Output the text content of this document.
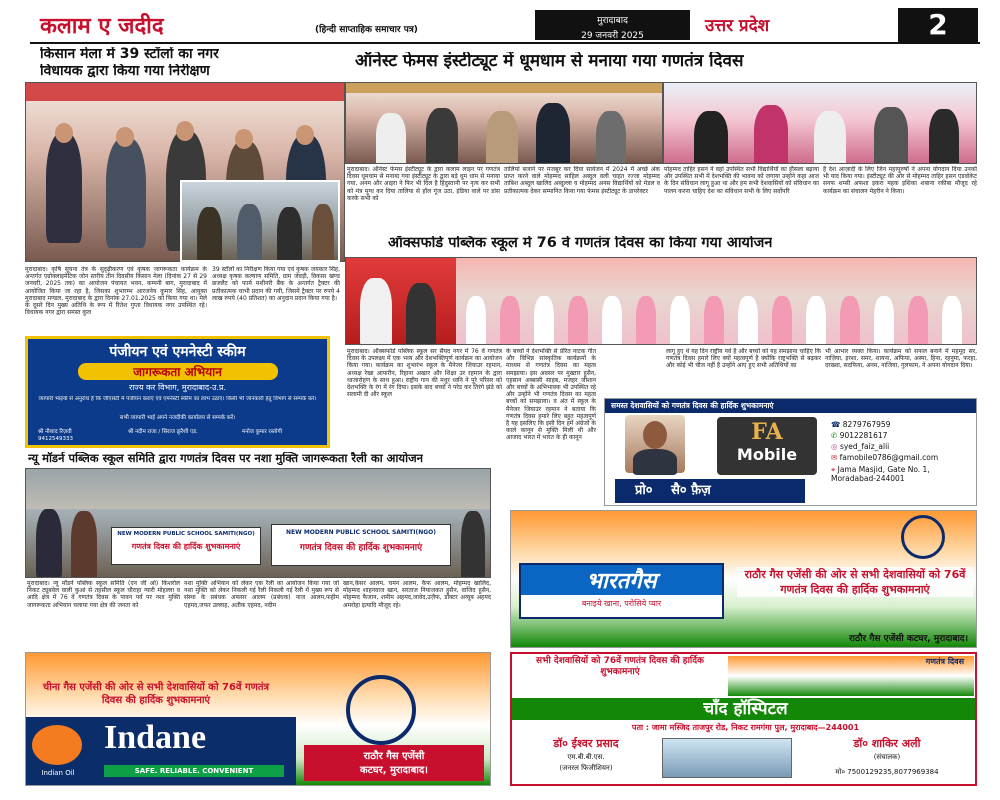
कलाम ए जदीद	(हिन्दी साप्ताहिक समाचार पत्र)
मुरादाबाद
29 जनवरी 2025	उत्तर प्रदेश	2
किसान मेला में 39 स्टॉलों का नगर
विधायक द्वारा किया गया निरीक्षण
मुरादाबाद। कृषि सूचना तंत्र के सुदृढ़ीकरण एवं कृषक जागरूकता कार्यक्रम के अन्तर्गत एग्रोक्लाइमेटिक जोन स्तरीय तीन दिवसीय किसान मेला (दिनांक 27 से 29 जनवरी, 2025 तक) का आयोजन पंचायत भवन, कम्पनी बाग, मुरादाबाद में आयोजित किया जा रहा है, जिसका शुभारम्भ आरजनेय कुमार सिंह, आयुक्त मुरादाबाद मण्डल, मुरादाबाद के द्वारा दिनांक 27.01.2025 को किया गया था। मेले के दूसरे दिन मुख्य अतिथि के रूप में रितेश गुप्ता विधायक नगर उपस्थित रहे। विधायक नगर द्वारा समस्त कुल
39 स्टॉलों का निरीक्षण किया गया एवं कृषक जयकार सिंह, अध्यक्ष कृषक कल्याण समिति, ग्राम जेवड़ी, विकास खण्ड छजलैट को फार्म मशीनरी बैंक के अन्तर्गत ट्रैक्टर की प्रतीकात्मक चाभी प्रदान की गयी, जिसमें ट्रैक्टर पर रुपये 4 लाख रुपये (40 प्रतिशत) का अनुदान प्रदान किया गया है।
पंजीयन एवं एमनेस्टी स्कीम
जागरूकता अभियान
राज्य कर विभाग, मुरादाबाद-उ.प्र.
व्यापारी भाइयों से अनुरोध है कि जीएसटी में पंजीयन कराएं एवं एमनेस्टी स्कीम का लाभ उठाएं। किसी भी जानकारी हेतु विभाग से सम्पर्क करें।
सभी व्यापारी भाई अपने नजदीकी कार्यालय से सम्पर्क करें।
श्री नौशाद रिज़वी	श्री नदीम राजा / सिराज क़ुरैशी एड.	मनोज कुमार रस्तोगी
9412549333
ऑनेस्ट फेमस इंस्टीट्यूट में धूमधाम से मनाया गया गणतंत्र दिवस
मुरादाबाद। ऑनेस्ट फेमस इंस्टीट्यूट के द्वारा कलाम लाइन पर गणतंत्र दिवस धूमधाम से मनाया गया इंस्टीट्यूट के द्वारा बड़े धूम धाम से मनाया गया, अनम और आइरा ने फिर भी दिल है हिंदुस्तानी पर नृत्य कर सभी को मंत्र मुग्ध कर दिया तालिया से हॉल गूंज उठा, इंडिया वाले पर डांस करके सभी को
तालियां बजाने पर मजबूर कर दिया सार्वजन में 2024 में अच्छे अंक प्राप्त करने वाले मोहम्मद साहिल अब्दुल वली चाहत रज्जा मोहम्मद ताबिश अब्दुल खालिद अब्दुल्ला व मोहम्मद अनस विद्यार्थियों को मेडल व प्रतीकात्मक देकर सम्मानित किया गया फेमस इंस्टीट्यूट के डायरेक्टर
मोहम्मद ताहिर हसन ने वहां उपस्थित सभी विद्यार्थियों का हौसला बढ़ाया और उपस्थित सभी में देशभक्ति की भावना को जगाया उन्होंने कहा आज के दिन संविधान लागू हुआ था और हम सभी देशवासियों को संविधान का पालन करना चाहिए देश का संविधान सभी के लिए सर्वोपरि
है देश आज़ादी के लिए जिन महापुरुषों ने अपना योगदान दिया उनको भी याद किया गया। इंस्टीट्यूट की ओर से मोहम्मद ताहिर हसन एडवोकेट सनफ शम्सी अफशा इकरा महक इशिका शबाना रकीबा मौजूद रहे कार्यक्रम का संचालन मेहरीन ने किया।
ऑक्सफोर्ड पब्लिक स्कूल में 76 वें गणतंत्र दिवस का किया गया आयोजन
मुरादाबाद। ऑक्सफोर्ड पब्लिक स्कूल सर सैयद नगर में 76 वें गणतंत्र दिवस के उपलक्ष्य में एक भव्य और देशभक्तिपूर्ण कार्यक्रम का आयोजन किया गया। कार्यक्रम का शुभारंभ स्कूल के मैनेजर जियाउर रहमान, अध्यक्ष रेखा आफरीन, रिहाना अख्तर और शिक्षा उर रहमान के द्वारा ध्वजारोहण के साथ हुआ। राष्ट्रीय गान की मधुर ध्वनि ने पूरे परिसर को देशभक्ति के रंग में रंग दिया। इसके बाद बच्चों ने परेड कर तिरंगे झंडे को सलामी दी और स्कूल
के बच्चों ने देशभक्ति से प्रेरित नाटक गीत और विभिन्न सांस्कृतिक कार्यक्रमों के माध्यम से गणतंत्र दिवस का महत्व समझाया। इस अवसर पर मुख्तार हुसैन, एहसान अब्बासी साहब, मजहर जीशान और बच्चों के अभिभावक भी उपस्थित रहे और उन्होंने भी गणतंत्र दिवस का महत्व बच्चों को समझाया। व अंत में स्कूल के मैनेजर जियाउर रहमान ने बताया कि गणतंत्र दिवस हमारे लिए बहुत महत्वपूर्ण है यह इसलिए कि इसी दिन हमें अंग्रेजों के काले कानून से मुक्ति मिली थी और आजाद भारत में भारत के ही कानून
लागू हुए थे यह दिन राष्ट्रीय पर्व है और बच्चों को यह समझाना चाहिए कि गणतंत्र दिवस हमारे लिए क्यों महत्वपूर्ण है क्योंकि राष्ट्रभक्ति से बढ़कर और कोई भी चीज नहीं है उन्होंने आए हुए सभी अतिथियों का
भी आभार व्यक्त किया। कार्यक्रम को सफल बनाने में महमूद सर, नाज़िया, इरशा, समर, शायना, अफिया, अस्मा, हिना, रहनुमा, फरहा, दरख्शा, सदफिया, अनम, नाजिया, गुलफाम, ने अपना योगदान दिया।
समस्त देशवासियों को गणतंत्र दिवस की हार्दिक शुभकामनाएं
FA
Mobile
प्रो० सै० फ़ैज़
☎ 8279767959
✆ 9012281617
◎ syed_faiz_alii
✉ famobile0786@gmail.com
⌖ Jama Masjid, Gate No. 1, Moradabad-244001
न्यू मॉडर्न पब्लिक स्कूल समिति द्वारा गणतंत्र दिवस पर नशा मुक्ति जागरूकता रैली का आयोजन
NEW MODERN PUBLIC SCHOOL SAMITI(NGO)
गणतंत्र दिवस की हार्दिक शुभकामनाएं
NEW MODERN PUBLIC SCHOOL SAMITI(NGO)
गणतंत्र दिवस की हार्दिक शुभकामनाएं
मुरादाबाद। न्यू मॉडर्न पब्लिक स्कूल समिति (एन जी ओ) किशरोल निकट ट्यूबवेल वाली कुआं से तहसील स्कूल चौराहा न्यारी मोहल्ला व आदि क्षेत्र में 76 वें गणतंत्र दिवस के पावन पर्व पर नशा मुक्ति जागरूकता अभियान चलाया गया क्षेत्र की जनता को
नशा मुक्ति अभियान को लेकर एक रैली का आयोजन किया गया जो नशा मुक्ति को लेकर निकली गई रैली निकली गई रैली में मुख्य रूप से संस्था के प्रबंधक अफसर आलम (प्रबंधक) नाज आलम,फहीम एहमद,जफर उल्लाह, अतीक एहमद, नदीम
खान,केसर आलम, चमन आलम, कैफ आलम, मोहम्मद खालिद, मोहम्मद शाहनवाज खान, सरताज नियाजकत हुसैन, वाजिद हुसैन, मोहम्मद फैजान, शमीम अहमद,जावेद,उज़ैफ, डॉक्टर अय्यूब अहमद अमरोहा इत्यादि मौजूद रहे।
भारतगैस
बनाइये खाना, परोसिये प्यार
राठौर गैस एजेंसी की ओर से सभी देशवासियों को 76वें गणतंत्र दिवस की हार्दिक शुभकामनाएं
राठौर गैस एजेंसी कटघर, मुरादाबाद।
चीना गैस एजेंसी की ओर से सभी देशवासियों को 76वें गणतंत्र दिवस की हार्दिक शुभकामनाएं
Indian Oil
Indane
SAFE. RELIABLE. CONVENIENT
राठौर गैस एजेंसी
कटघर, मुरादाबाद।
सभी देशवासियों को 76वें गणतंत्र दिवस की हार्दिक शुभकामनाएं
गणतंत्र दिवस
चाँद हॉस्पिटल
पता : जामा मस्जिद ताजपुर रोड, निकट रामगंगा पुल, मुरादाबाद—244001
डॉ० ईश्वर प्रसाद
एम.बी.बी.एस.
(जनरल फिजीशियन)
डॉ० शाकिर अली
(संचालक)
मो० 7500129235,8077969384
